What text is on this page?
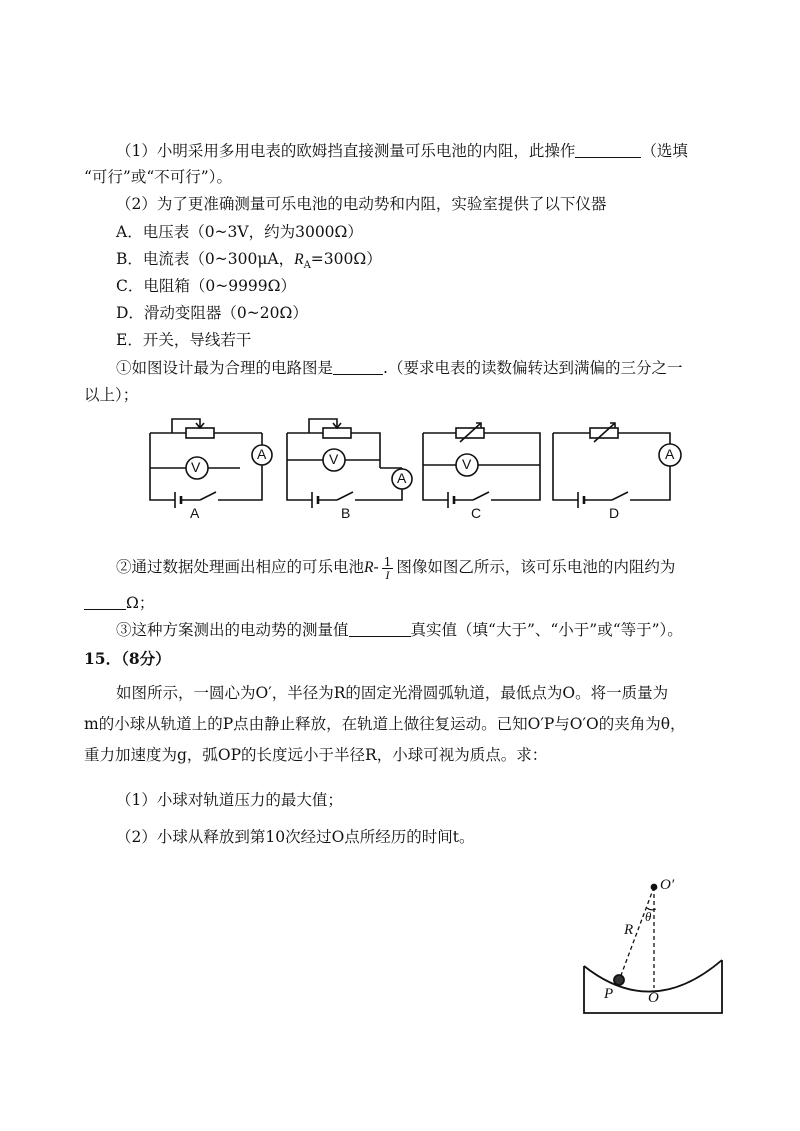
（1）小明采用多用电表的欧姆挡直接测量可乐电池的内阻，此操作	（选填
“可行”或“不可行”）。
（2）为了更准确测量可乐电池的电动势和内阻，实验室提供了以下仪器
A．电压表（0~3V，约为3000Ω）
B．电流表（0~300μA，$R_A=300\Omega$）
C．电阻箱（0~9999Ω）
D．滑动变阻器（0~20Ω）
E．开关，导线若干
①如图设计最为合理的电路图是	.（要求电表的读数偏转达到满偏的三分之一
以上）；
V
A	V
A
V
A
A	B	C	D
②通过数据处理画出相应的可乐电池$R- \frac{1}{I}$ 图像如图乙所示，该可乐电池的内阻约为
Ω；
③这种方案测出的电动势的测量值	真实值（填“大于”、“小于”或“等于”）。
15．（8分）
如图所示，一圆心为O′，半径为R的固定光滑圆弧轨道，最低点为O。将一质量为
m的小球从轨道上的P点由静止释放，在轨道上做往复运动。已知O′P与O′O的夹角为θ，
重力加速度为g，弧OP的长度远小于半径R，小球可视为质点。求：
（1）小球对轨道压力的最大值；
（2）小球从释放到第10次经过O点所经历的时间t。
O′
θ
R
P O
